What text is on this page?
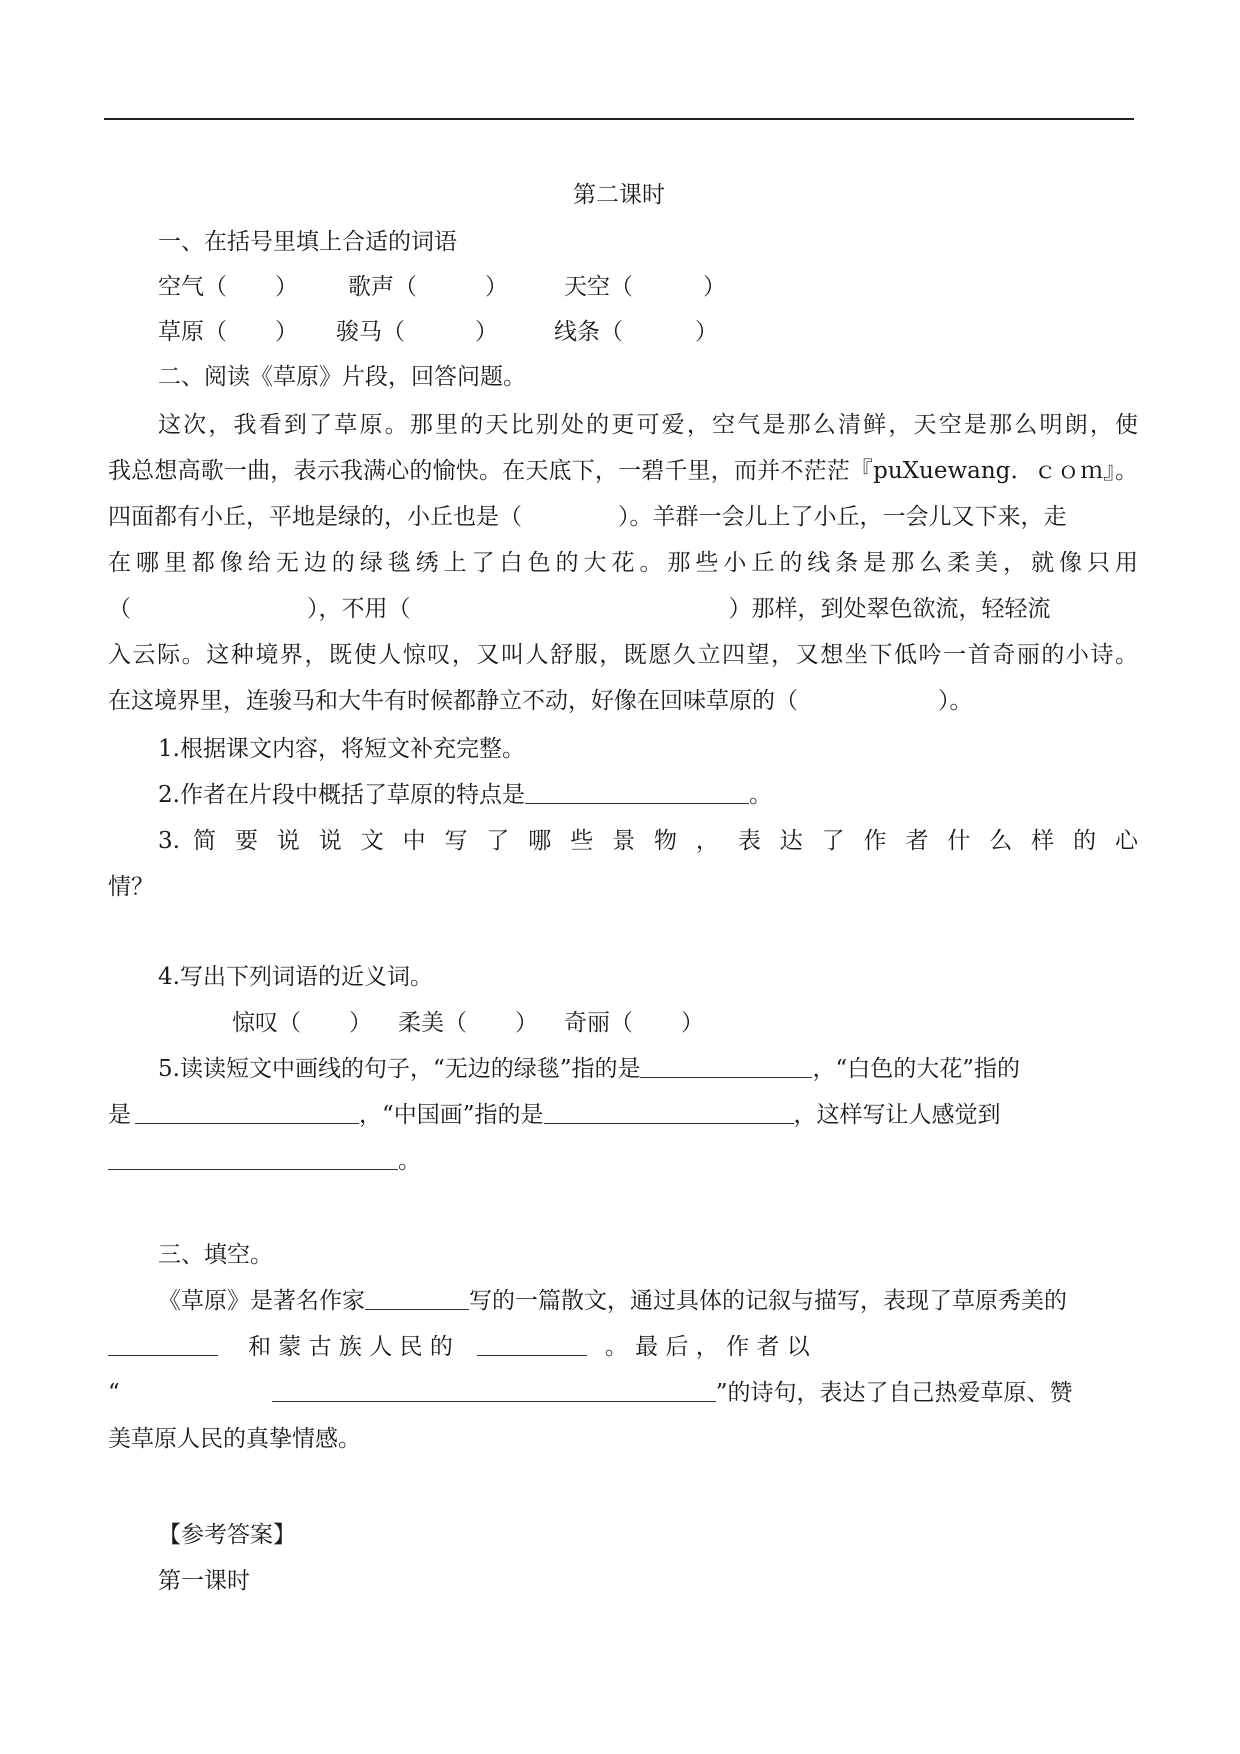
第二课时
一、在括号里填上合适的词语
空气（ ） 歌声（	） 天空（	）
草原（ ） 骏马（	） 线条（	）
二、阅读《草原》片段，回答问题。
这次，我看到了草原。那里的天比别处的更可爱，空气是那么清鲜，天空是那么明朗，使
我总想高歌一曲，表示我满心的愉快。在天底下，一碧千里，而并不茫茫『puXuewang．ｃｏｍ』。
四面都有小丘，平地是绿的，小丘也是（	）。羊群一会儿上了小丘，一会儿又下来，走
在哪里都像给无边的绿毯绣上了白色的大花。那些小丘的线条是那么柔美，就像只用
（	），不用（	）那样，到处翠色欲流，轻轻流
入云际。这种境界，既使人惊叹，又叫人舒服，既愿久立四望，又想坐下低吟一首奇丽的小诗。
在这境界里，连骏马和大牛有时候都静立不动，好像在回味草原的（	）。
1.根据课文内容，将短文补充完整。
2.作者在片段中概括了草原的特点是	。
3. 简 要 说 说 文 中 写 了 哪 些 景 物 ， 表 达 了 作 者 什 么 样 的 心
情？
4.写出下列词语的近义词。
惊叹（ ） 柔美（ ） 奇丽（ ）
5.读读短文中画线的句子，“无边的绿毯”指的是	，“白色的大花”指的
是	，“中国画”指的是	，这样写让人感觉到
。
三、填空。
《草原》是著名作家	写的一篇散文，通过具体的记叙与描写，表现了草原秀美的
和 蒙 古 族 人 民 的	。 最 后 ， 作 者 以
“	”的诗句，表达了自己热爱草原、赞
美草原人民的真挚情感。
【参考答案】
第一课时
